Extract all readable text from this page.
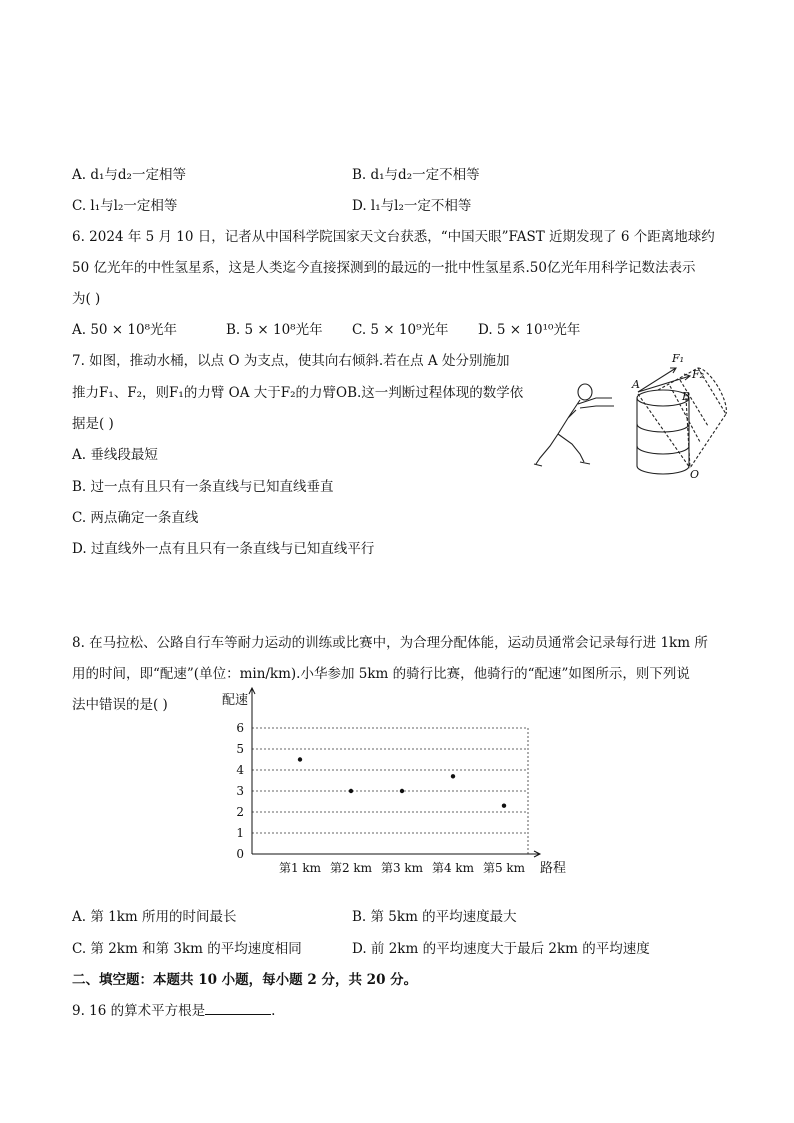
A. d₁与d₂一定相等	B. d₁与d₂一定不相等
C. l₁与l₂一定相等	D. l₁与l₂一定不相等
6. 2024 年 5 月 10 日，记者从中国科学院国家天文台获悉，“中国天眼”FAST 近期发现了 6 个距离地球约
50 亿光年的中性氢星系，这是人类迄今直接探测到的最远的一批中性氢星系.50亿光年用科学记数法表示
为( )
A. 50 × 10⁸光年	B. 5 × 10⁸光年 C. 5 × 10⁹光年 D. 5 × 10¹⁰光年
7. 如图，推动水桶，以点 O 为支点，使其向右倾斜.若在点 A 处分别施加
推力F₁、F₂，则F₁的力臂 OA 大于F₂的力臂OB.这一判断过程体现的数学依
据是( )
A. 垂线段最短
B. 过一点有且只有一条直线与已知直线垂直
C. 两点确定一条直线
D. 过直线外一点有且只有一条直线与已知直线平行
F₁
F₂
A
B
O
8. 在马拉松、公路自行车等耐力运动的训练或比赛中，为合理分配体能，运动员通常会记录每行进 1km 所
用的时间，即“配速”(单位：min/km).小华参加 5km 的骑行比赛，他骑行的“配速”如图所示，则下列说
法中错误的是( )	配速
路程
0
1
2
3
4
5
6
第1 km 第2 km 第3 km 第4 km 第5 km
A. 第 1km 所用的时间最长	B. 第 5km 的平均速度最大
C. 第 2km 和第 3km 的平均速度相同	D. 前 2km 的平均速度大于最后 2km 的平均速度
二、填空题：本题共 10 小题，每小题 2 分，共 20 分。
9. 16 的算术平方根是	.
